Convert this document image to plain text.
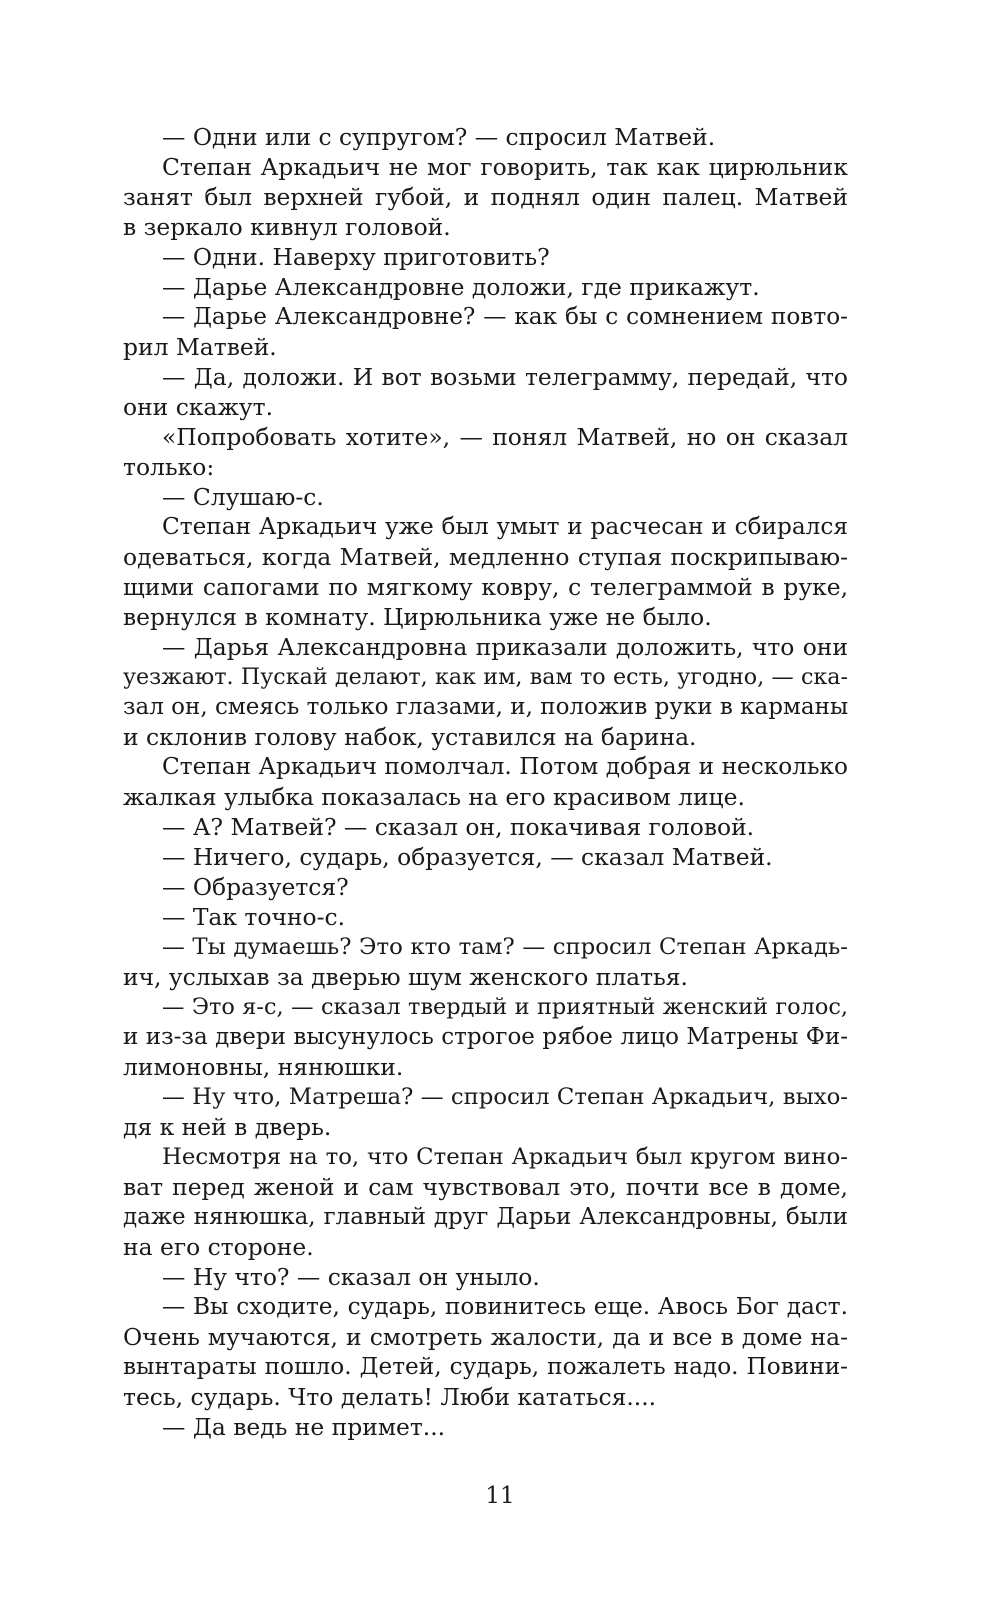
— Одни или с супругом? — спросил Матвей.
Степан Аркадьич не мог говорить, так как цирюльник
занят был верхней губой, и поднял один палец. Матвей
в зеркало кивнул головой.
— Одни. Наверху приготовить?
— Дарье Александровне доложи, где прикажут.
— Дарье Александровне? — как бы с сомнением повто-
рил Матвей.
— Да, доложи. И вот возьми телеграмму, передай, что
они скажут.
«Попробовать хотите», — понял Матвей, но он сказал
только:
— Слушаю-с.
Степан Аркадьич уже был умыт и расчесан и сбирался
одеваться, когда Матвей, медленно ступая поскрипываю-
щими сапогами по мягкому ковру, с телеграммой в руке,
вернулся в комнату. Цирюльника уже не было.
— Дарья Александровна приказали доложить, что они
уезжают. Пускай делают, как им, вам то есть, угодно, — ска-
зал он, смеясь только глазами, и, положив руки в карманы
и склонив голову набок, уставился на барина.
Степан Аркадьич помолчал. Потом добрая и несколько
жалкая улыбка показалась на его красивом лице.
— А? Матвей? — сказал он, покачивая головой.
— Ничего, сударь, образуется, — сказал Матвей.
— Образуется?
— Так точно-с.
— Ты думаешь? Это кто там? — спросил Степан Аркадь-
ич, услыхав за дверью шум женского платья.
— Это я-с, — сказал твердый и приятный женский голос,
и из-за двери высунулось строгое рябое лицо Матрены Фи-
лимоновны, нянюшки.
— Ну что, Матреша? — спросил Степан Аркадьич, выхо-
дя к ней в дверь.
Несмотря на то, что Степан Аркадьич был кругом вино-
ват перед женой и сам чувствовал это, почти все в доме,
даже нянюшка, главный друг Дарьи Александровны, были
на его стороне.
— Ну что? — сказал он уныло.
— Вы сходите, сударь, повинитесь еще. Авось Бог даст.
Очень мучаются, и смотреть жалости, да и все в доме на-
вынтараты пошло. Детей, сударь, пожалеть надо. Повини-
тесь, сударь. Что делать! Люби кататься....
— Да ведь не примет...
11
